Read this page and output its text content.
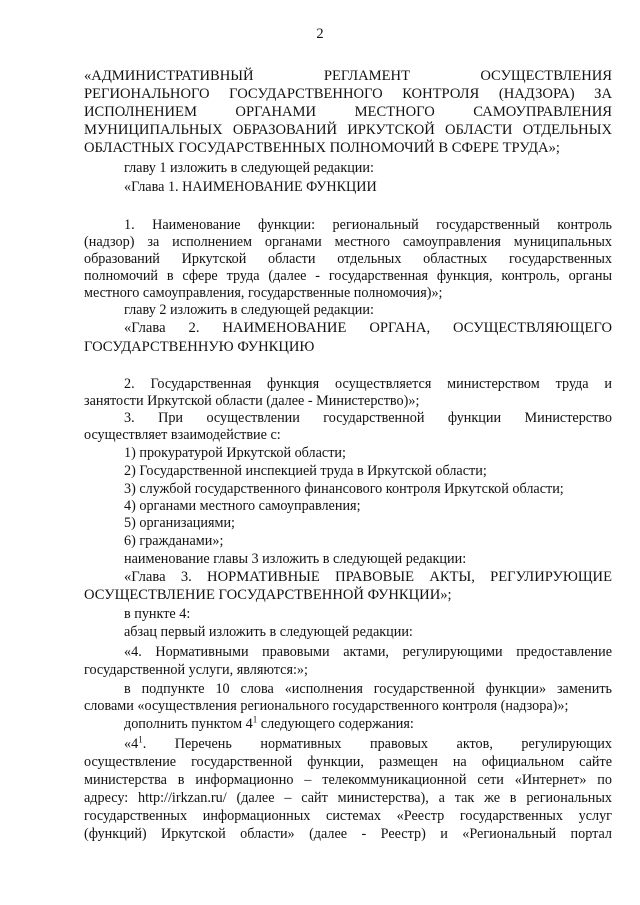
2
«АДМИНИСТРАТИВНЫЙ РЕГЛАМЕНТ ОСУЩЕСТВЛЕНИЯ
РЕГИОНАЛЬНОГО ГОСУДАРСТВЕННОГО КОНТРОЛЯ (НАДЗОРА) ЗА
ИСПОЛНЕНИЕМ ОРГАНАМИ МЕСТНОГО САМОУПРАВЛЕНИЯ
МУНИЦИПАЛЬНЫХ ОБРАЗОВАНИЙ ИРКУТСКОЙ ОБЛАСТИ ОТДЕЛЬНЫХ
ОБЛАСТНЫХ ГОСУДАРСТВЕННЫХ ПОЛНОМОЧИЙ В СФЕРЕ ТРУДА»;
главу 1 изложить в следующей редакции:
«Глава 1. НАИМЕНОВАНИЕ ФУНКЦИИ
1. Наименование функции: региональный государственный контроль
(надзор) за исполнением органами местного самоуправления муниципальных
образований Иркутской области отдельных областных государственных
полномочий в сфере труда (далее - государственная функция, контроль, органы
местного самоуправления, государственные полномочия)»;
главу 2 изложить в следующей редакции:
«Глава 2. НАИМЕНОВАНИЕ ОРГАНА, ОСУЩЕСТВЛЯЮЩЕГО
ГОСУДАРСТВЕННУЮ ФУНКЦИЮ
2. Государственная функция осуществляется министерством труда и
занятости Иркутской области (далее - Министерство)»;
3. При осуществлении государственной функции Министерство
осуществляет взаимодействие с:
1) прокуратурой Иркутской области;
2) Государственной инспекцией труда в Иркутской области;
3) службой государственного финансового контроля Иркутской области;
4) органами местного самоуправления;
5) организациями;
6) гражданами»;
наименование главы 3 изложить в следующей редакции:
«Глава 3. НОРМАТИВНЫЕ ПРАВОВЫЕ АКТЫ, РЕГУЛИРУЮЩИЕ
ОСУЩЕСТВЛЕНИЕ ГОСУДАРСТВЕННОЙ ФУНКЦИИ»;
в пункте 4:
абзац первый изложить в следующей редакции:
«4. Нормативными правовыми актами, регулирующими предоставление
государственной услуги, являются:»;
в подпункте 10 слова «исполнения государственной функции» заменить
словами «осуществления регионального государственного контроля (надзора)»;
дополнить пунктом $4^1$ следующего содержания:
«$4^1$. Перечень нормативных правовых актов, регулирующих
осуществление государственной функции, размещен на официальном сайте
министерства в информационно – телекоммуникационной сети «Интернет» по
адресу: http://irkzan.ru/ (далее – сайт министерства), а так же в региональных
государственных информационных системах «Реестр государственных услуг
(функций) Иркутской области» (далее - Реестр) и «Региональный портал
